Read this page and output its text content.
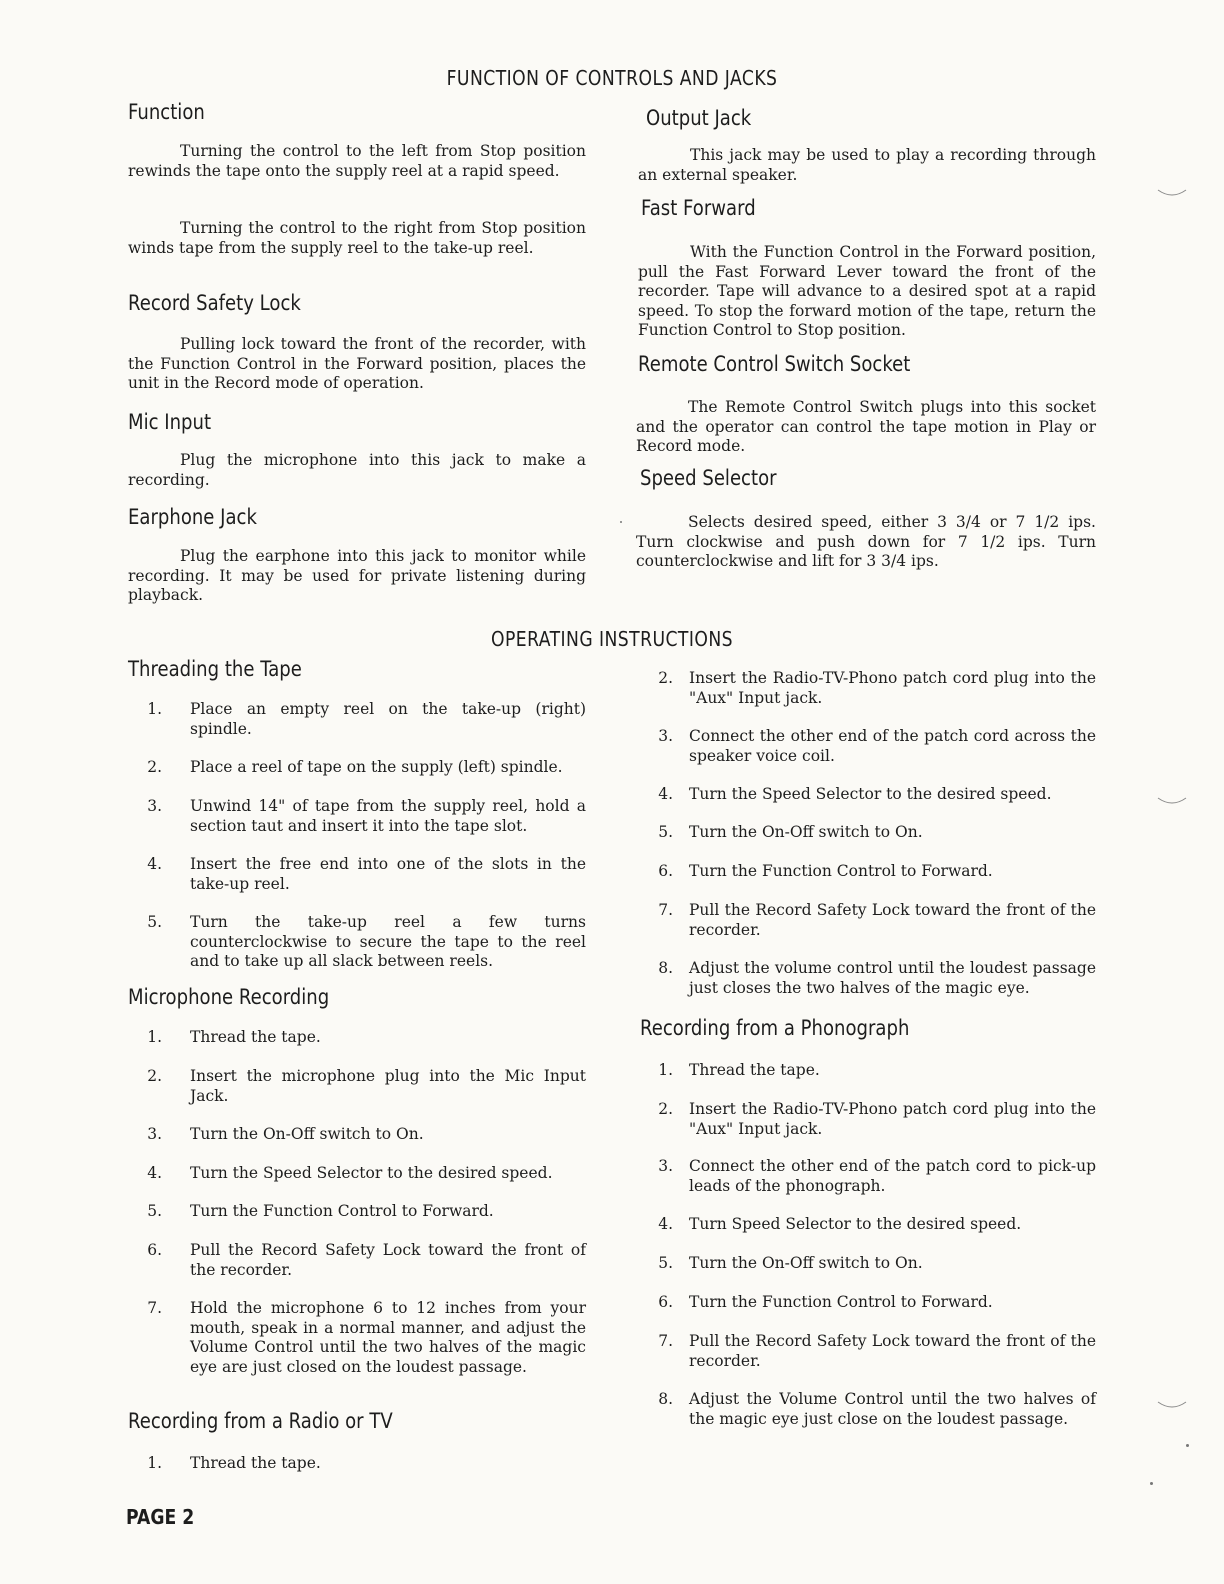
FUNCTION OF CONTROLS AND JACKS
OPERATING INSTRUCTIONS
Function

Turning the control to the left from Stop position rewinds the tape onto the supply reel at a rapid speed.

Turning the control to the right from Stop position winds tape from the supply reel to the take-up reel.

Record Safety Lock

Pulling lock toward the front of the recorder, with the Function Control in the Forward position, places the unit in the Record mode of operation.

Mic Input

Plug the microphone into this jack to make a recording.

Earphone Jack

Plug the earphone into this jack to monitor while recording. It may be used for private listening during playback.

Output Jack

This jack may be used to play a recording through an external speaker.

Fast Forward

With the Function Control in the Forward position, pull the Fast Forward Lever toward the front of the recorder. Tape will advance to a desired spot at a rapid speed. To stop the forward motion of the tape, return the Function Control to Stop position.

Remote Control Switch Socket

The Remote Control Switch plugs into this socket and the operator can control the tape motion in Play or Record mode.

Speed Selector

Selects desired speed, either 3 3/4 or 7 1/2 ips. Turn clockwise and push down for 7 1/2 ips. Turn counterclockwise and lift for 3 3/4 ips.

Threading the Tape
1. Place an empty reel on the take-up (right) spindle.
2. Place a reel of tape on the supply (left) spindle.
3. Unwind 14" of tape from the supply reel, hold a section taut and insert it into the tape slot.
4. Insert the free end into one of the slots in the take-up reel.
5. Turn the take-up reel a few turns counterclockwise to secure the tape to the reel and to take up all slack between reels.
Microphone Recording
1. Thread the tape.
2. Insert the microphone plug into the Mic Input Jack.
3. Turn the On-Off switch to On.
4. Turn the Speed Selector to the desired speed.
5. Turn the Function Control to Forward.
6. Pull the Record Safety Lock toward the front of the recorder.
7. Hold the microphone 6 to 12 inches from your mouth, speak in a normal manner, and adjust the Volume Control until the two halves of the magic eye are just closed on the loudest passage.
Recording from a Radio or TV
1. Thread the tape.
2. Insert the Radio-TV-Phono patch cord plug into the "Aux" Input jack.
3. Connect the other end of the patch cord across the speaker voice coil.
4. Turn the Speed Selector to the desired speed.
5. Turn the On-Off switch to On.
6. Turn the Function Control to Forward.
7. Pull the Record Safety Lock toward the front of the recorder.
8. Adjust the volume control until the loudest passage just closes the two halves of the magic eye.
Recording from a Phonograph
1. Thread the tape.
2. Insert the Radio-TV-Phono patch cord plug into the "Aux" Input jack.
3. Connect the other end of the patch cord to pick-up leads of the phonograph.
4. Turn Speed Selector to the desired speed.
5. Turn the On-Off switch to On.
6. Turn the Function Control to Forward.
7. Pull the Record Safety Lock toward the front of the recorder.
8. Adjust the Volume Control until the two halves of the magic eye just close on the loudest passage.
PAGE 2
